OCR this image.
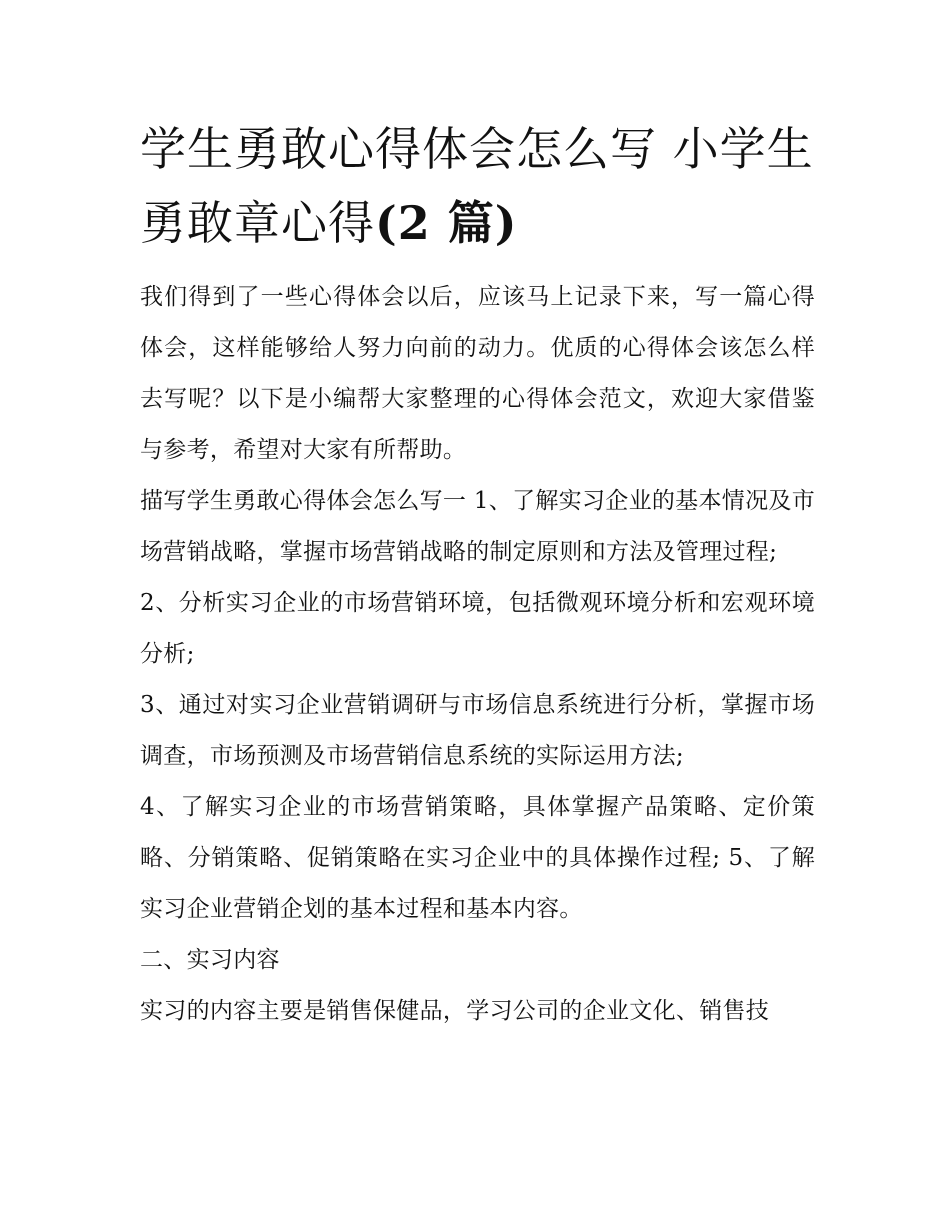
学生勇敢心得体会怎么写 小学生勇敢章心得(2 篇)

我们得到了一些心得体会以后，应该马上记录下来，写一篇心得体会，这样能够给人努力向前的动力。优质的心得体会该怎么样去写呢？以下是小编帮大家整理的心得体会范文，欢迎大家借鉴与参考，希望对大家有所帮助。

描写学生勇敢心得体会怎么写一 1、了解实习企业的基本情况及市场营销战略，掌握市场营销战略的制定原则和方法及管理过程;

2、分析实习企业的市场营销环境，包括微观环境分析和宏观环境分析;

3、通过对实习企业营销调研与市场信息系统进行分析，掌握市场调查，市场预测及市场营销信息系统的实际运用方法;

4、了解实习企业的市场营销策略，具体掌握产品策略、定价策略、分销策略、促销策略在实习企业中的具体操作过程; 5、了解实习企业营销企划的基本过程和基本内容。

二、实习内容

实习的内容主要是销售保健品，学习公司的企业文化、销售技
